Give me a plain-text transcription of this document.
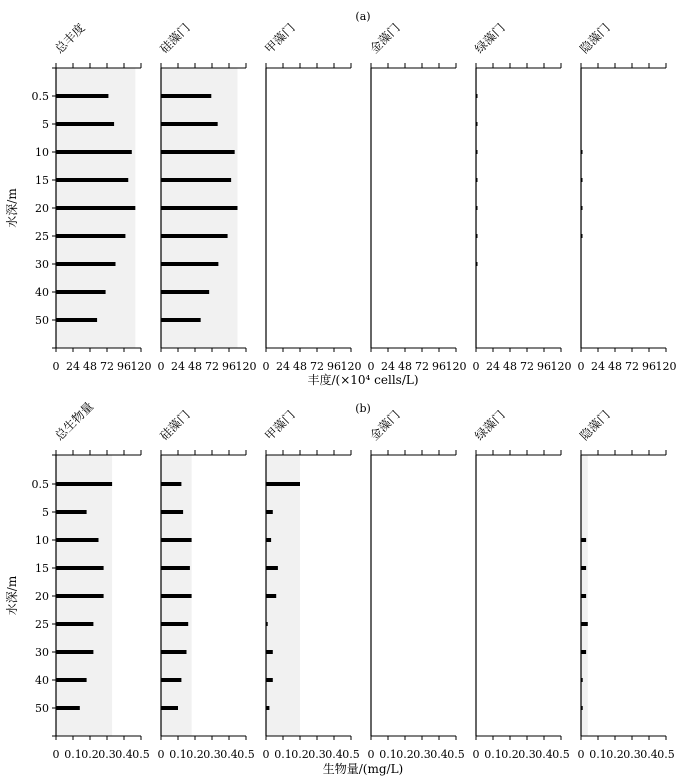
(a)
水深/m
丰度/(×10⁴ cells/L)
0.5
5
10
15
20
25
30
40
50
0 24 48 72 96 120
总丰度
0 24 48 72 96 120
硅藻门
0 24 48 72 96 120
甲藻门
0 24 48 72 96 120
金藻门
0 24 48 72 96 120
绿藻门
0 24 48 72 96 120
隐藻门
(b)
水深/m
生物量/(mg/L)
0.5
5
10
15
20
25
30
40
50
0 0.1 0.2 0.3 0.4 0.5
总生物量
0 0.1 0.2 0.3 0.4 0.5
硅藻门
0 0.1 0.2 0.3 0.4 0.5
甲藻门
0 0.1 0.2 0.3 0.4 0.5
金藻门
0 0.1 0.2 0.3 0.4 0.5
绿藻门
0 0.1 0.2 0.3 0.4 0.5
隐藻门
